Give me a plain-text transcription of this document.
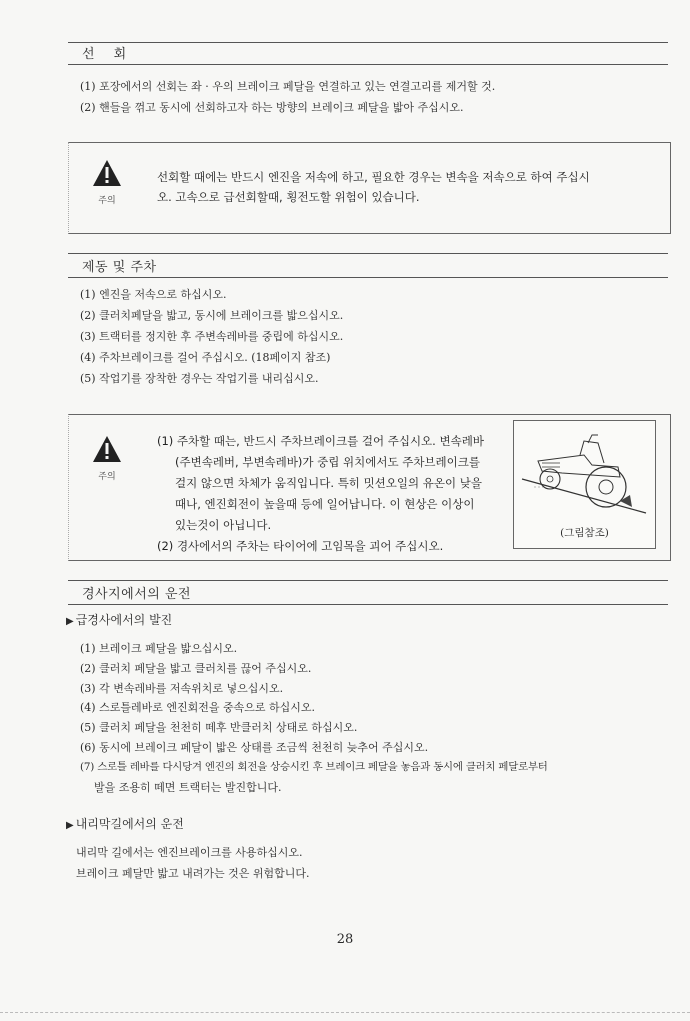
선    회
(1) 포장에서의 선회는 좌 · 우의 브레이크 페달을 연결하고 있는 연결고리를 제거할 것.
(2) 핸들을 꺾고 동시에 선회하고자 하는 방향의 브레이크 페달을 밟아 주십시오.
주의
선회할 때에는 반드시 엔진을 저속에 하고, 필요한 경우는 변속을 저속으로 하여 주십시
오. 고속으로 급선회할때, 횡전도할 위험이 있습니다.
제동 및 주차
(1) 엔진을 저속으로 하십시오.
(2) 클러치페달을 밟고, 동시에 브레이크를 밟으십시오.
(3) 트랙터를 정지한 후 주변속레바를 중립에 하십시오.
(4) 주차브레이크를 걸어 주십시오. (18페이지 참조)
(5) 작업기를 장착한 경우는 작업기를 내리십시오.
주의
(1) 주차할 때는, 반드시 주차브레이크를 걸어 주십시오. 변속레바
(주변속레버, 부변속레바)가 중립 위치에서도 주차브레이크를
걸지 않으면 차체가 움직입니다. 특히 밋션오일의 유온이 낮을
때나, 엔진회전이 높을때 등에 일어납니다. 이 현상은 이상이
있는것이 아닙니다.
(2) 경사에서의 주차는 타이어에 고임목을 괴어 주십시오.
(그림참조)
경사지에서의 운전
▶ 급경사에서의 발진
(1) 브레이크 페달을 밟으십시오.
(2) 클러치 페달을 밟고 클러치를 끊어 주십시오.
(3) 각 변속레바를 저속위치로 넣으십시오.
(4) 스로틀레바로 엔진회전을 중속으로 하십시오.
(5) 클러치 페달을 천천히 떼후 반클러치 상태로 하십시오.
(6) 동시에 브레이크 페달이 밟은 상태를 조금씩 천천히 늦추어 주십시오.
(7) 스로틀 레바를 다시당겨 엔진의 회전을 상승시킨 후 브레이크 페달을 놓음과 동시에 클러치 페달로부터
발을 조용히 떼면 트랙터는 발진합니다.
▶ 내리막길에서의 운전
내리막 길에서는 엔진브레이크를 사용하십시오.
브레이크 페달만 밟고 내려가는 것은 위험합니다.
28
